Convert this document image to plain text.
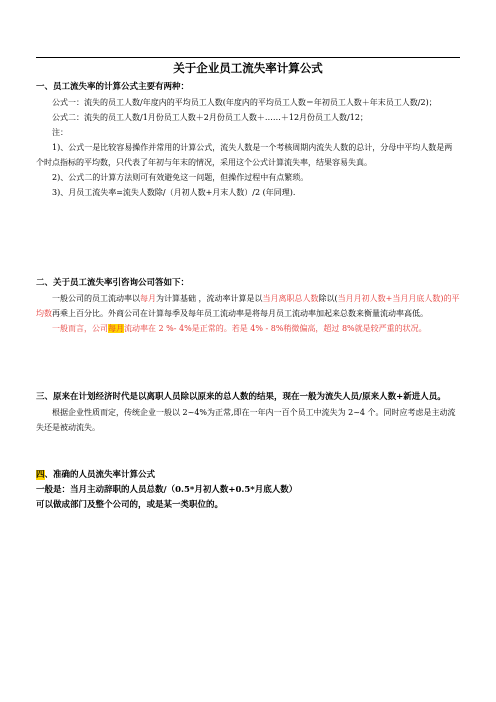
关于企业员工流失率计算公式
一、员工流失率的计算公式主要有两种：
公式一：流失的员工人数/年度内的平均员工人数(年度内的平均员工人数＝年初员工人数＋年末员工人数/2)；
公式二：流失的员工人数/1月份员工人数＋2月份员工人数＋……＋12月份员工人数/12；
注：
1)、公式一是比较容易操作并常用的计算公式，流失人数是一个考核周期内流失人数的总计，分母中平均人数是两个时点指标的平均数，只代表了年初与年末的情况，采用这个公式计算流失率，结果容易失真。
2)、公式二的计算方法则可有效避免这一问题，但操作过程中有点繁琐。
3)、月员工流失率=流失人数除/（月初人数+月末人数）/2 (年同理).
二、关于员工流失率引咨询公司答如下：
一般公司的员工流动率以每月为计算基础 ，流动率计算是以当月离职总人数除以(当月月初人数+当月月底人数)的平均数再乘上百分比。外商公司在计算每季及每年员工流动率是将每月员工流动率加起来总数来衡量流动率高低。
一般而言，公司每月流动率在 2 %- 4%是正常的。若是 4% - 8%稍微偏高，超过 8%就是较严重的状况。
三、原来在计划经济时代是以离职人员除以原来的总人数的结果，现在一般为流失人员/原来人数+新进人员。
根据企业性质而定，传统企业一般以 2~4%为正常,即在一年内一百个员工中流失为 2~4 个。同时应考虑是主动流失还是被动流失。
四、准确的人员流失率计算公式
一般是：当月主动辞职的人员总数/（0.5*月初人数+0.5*月底人数）
可以做成部门及整个公司的，或是某一类职位的。
